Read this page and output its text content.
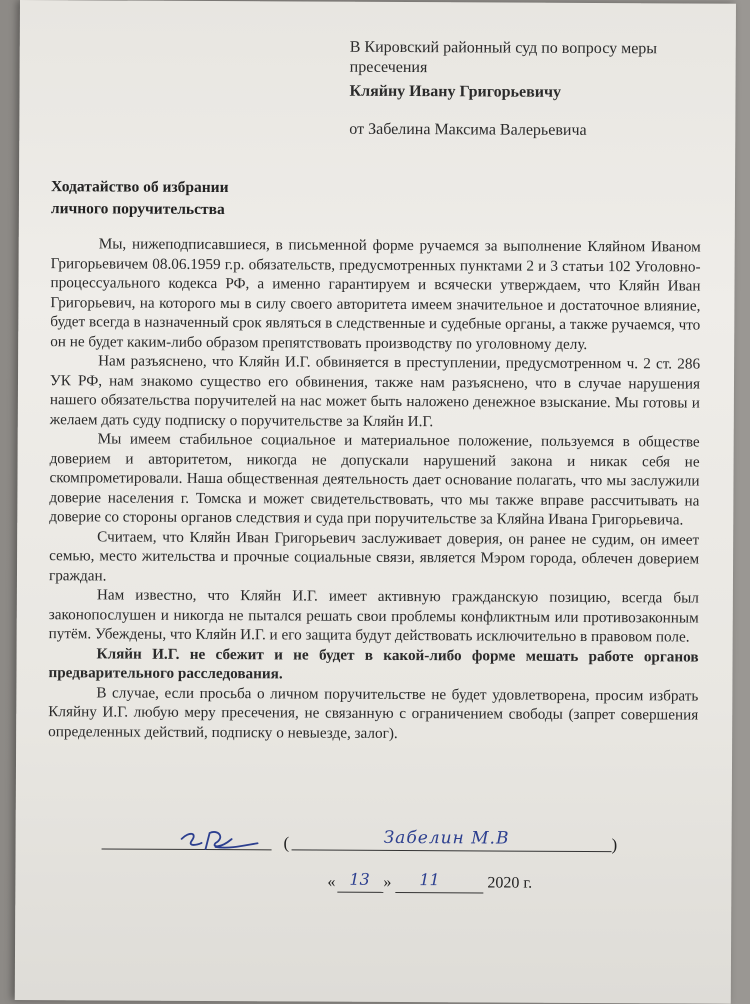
В Кировский районный суд по вопросу меры
пресечения
Кляйну Ивану Григорьевичу
от Забелина Максима Валерьевича
Ходатайство об избрании
личного поручительства

Мы, нижеподписавшиеся, в письменной форме ручаемся за выполнение Кляйном Иваном Григорьевичем 08.06.1959 г.р. обязательств, предусмотренных пунктами 2 и 3 статьи 102 Уголовно-процессуального кодекса РФ, а именно гарантируем и всячески утверждаем, что Кляйн Иван Григорьевич, на которого мы в силу своего авторитета имеем значительное и достаточное влияние, будет всегда в назначенный срок являться в следственные и судебные органы, а также ручаемся, что он не будет каким-либо образом препятствовать производству по уголовному делу.

Нам разъяснено, что Кляйн И.Г. обвиняется в преступлении, предусмотренном ч. 2 ст. 286 УК РФ, нам знакомо существо его обвинения, также нам разъяснено, что в случае нарушения нашего обязательства поручителей на нас может быть наложено денежное взыскание. Мы готовы и желаем дать суду подписку о поручительстве за Кляйн И.Г.

Мы имеем стабильное социальное и материальное положение, пользуемся в обществе доверием и авторитетом, никогда не допускали нарушений закона и никак себя не скомпрометировали. Наша общественная деятельность дает основание полагать, что мы заслужили доверие населения г. Томска и может свидетельствовать, что мы также вправе рассчитывать на доверие со стороны органов следствия и суда при поручительстве за Кляйна Ивана Григорьевича.

Считаем, что Кляйн Иван Григорьевич заслуживает доверия, он ранее не судим, он имеет семью, место жительства и прочные социальные связи, является Мэром города, облечен доверием граждан.

Нам известно, что Кляйн И.Г. имеет активную гражданскую позицию, всегда был законопослушен и никогда не пытался решать свои проблемы конфликтным или противозаконным путём. Убеждены, что Кляйн И.Г. и его защита будут действовать исключительно в правовом поле.

Кляйн И.Г. не сбежит и не будет в какой-либо форме мешать работе органов предварительного расследования.

В случае, если просьба о личном поручительстве не будет удовлетворена, просим избрать Кляйну И.Г. любую меру пресечения, не связанную с ограничением свободы (запрет совершения определенных действий, подписку о невыезде, залог).

(	Забелин М.В	)
« 13 » 11	2020 г.
